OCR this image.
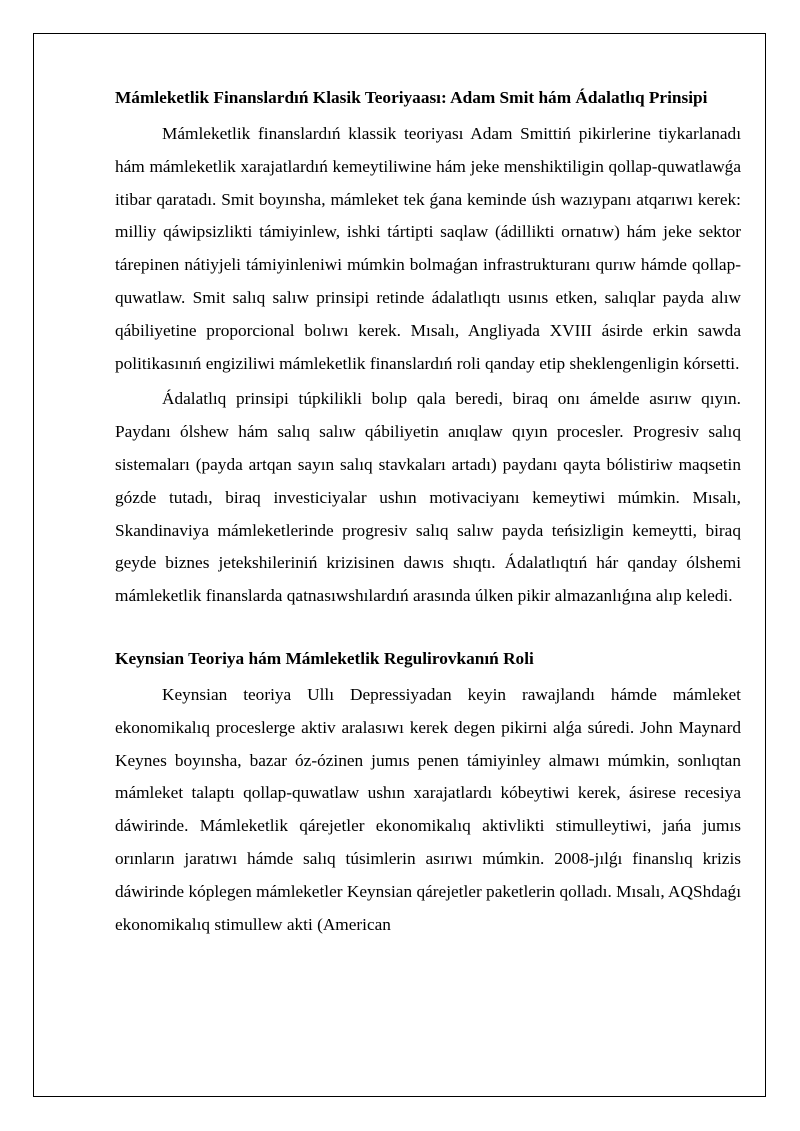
Mámleketlik Finanslardıń Klasik Teoriyaası: Adam Smit hám Ádalatlıq Prinsipi

Mámleketlik finanslardıń klassik teoriyası Adam Smittiń pikirlerine tiykarlanadı hám mámleketlik xarajatlardıń kemeytiliwine hám jeke menshiktiligin qollap-quwatlawǵa itibar qaratadı. Smit boyınsha, mámleket tek ǵana keminde úsh wazıypanı atqarıwı kerek: milliy qáwipsizlikti támiyinlew, ishki tártipti saqlaw (ádillikti ornatıw) hám jeke sektor tárepinen nátiyjeli támiyinleniwi múmkin bolmaǵan infrastrukturanı qurıw hámde qollap-quwatlaw. Smit salıq salıw prinsipi retinde ádalatlıqtı usınıs etken, salıqlar payda alıw qábiliyetine proporcional bolıwı kerek. Mısalı, Angliyada XVIII ásirde erkin sawda politikasınıń engiziliwi mámleketlik finanslardıń roli qanday etip sheklengenligin kórsetti.

Ádalatlıq prinsipi túpkilikli bolıp qala beredi, biraq onı ámelde asırıw qıyın. Paydanı ólshew hám salıq salıw qábiliyetin anıqlaw qıyın procesler. Progresiv salıq sistemaları (payda artqan sayın salıq stavkaları artadı) paydanı qayta bólistiriw maqsetin gózde tutadı, biraq investiciyalar ushın motivaciyanı kemeytiwi múmkin. Mısalı, Skandinaviya mámleketlerinde progresiv salıq salıw payda teńsizligin kemeytti, biraq geyde biznes jetekshileriniń krizisinen dawıs shıqtı. Ádalatlıqtıń hár qanday ólshemi mámleketlik finanslarda qatnasıwshılardıń arasında úlken pikir almazanlıǵına alıp keledi.

Keynsian Teoriya hám Mámleketlik Regulirovkanıń Roli

Keynsian teoriya Ullı Depressiyadan keyin rawajlandı hámde mámleket ekonomikalıq proceslerge aktiv aralasıwı kerek degen pikirni alǵa súredi. John Maynard Keynes boyınsha, bazar óz-ózinen jumıs penen támiyinley almawı múmkin, sonlıqtan mámleket talaptı qollap-quwatlaw ushın xarajatlardı kóbeytiwi kerek, ásirese recesiya dáwirinde. Mámleketlik qárejetler ekonomikalıq aktivlikti stimulleytiwi, jańa jumıs orınların jaratıwı hámde salıq túsimlerin asırıwı múmkin. 2008-jılǵı finanslıq krizis dáwirinde kóplegen mámleketler Keynsian qárejetler paketlerin qolladı. Mısalı, AQShdaǵı ekonomikalıq stimullew akti (American
